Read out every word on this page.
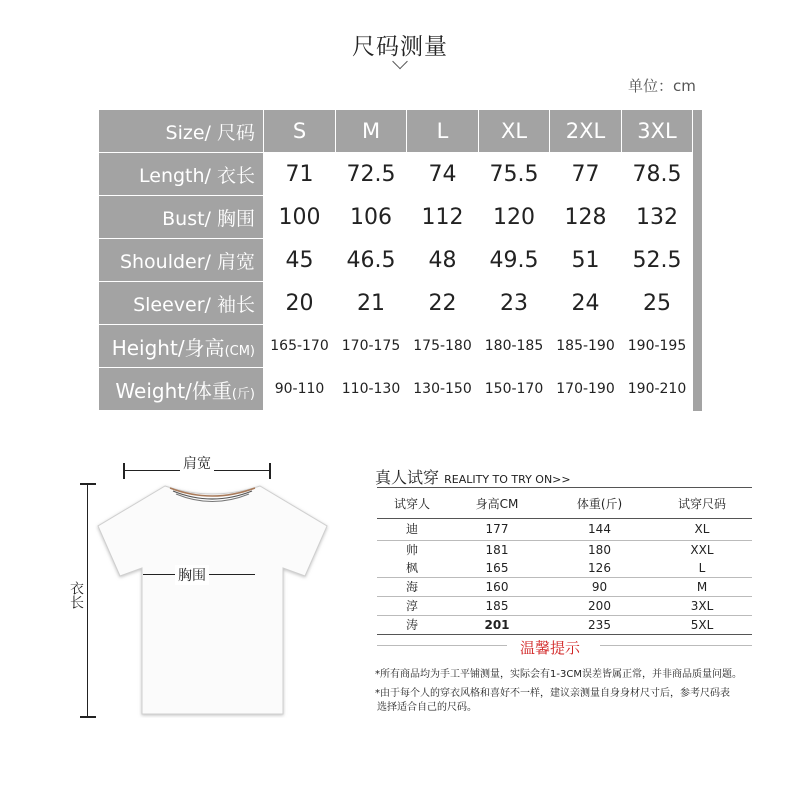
尺码测量
单位：cm
Size/ 尺码	S	M	L	XL	2XL	3XL	
Length/ 衣长	71	72.5	74	75.5	77	78.5	
Bust/ 胸围	100	106	112	120	128	132	
Shoulder/ 肩宽	45	46.5	48	49.5	51	52.5	
Sleever/ 袖长	20	21	22	23	24	25	
Height/身高(CM)	165-170	170-175	175-180	180-185	185-190	190-195	
Weight/体重(斤)	90-110	110-130	130-150	150-170	170-190	190-210	
肩宽
胸围
衣长
真人试穿 REALITY TO TRY ON>>
试穿人	身高CM	体重(斤)	试穿尺码
迪	177	144	XL
帅	181	180	XXL
枫	165	126	L
海	160	90	M
淳	185	200	3XL
涛	201	235	5XL
温馨提示
*所有商品均为手工平铺测量，实际会有1-3CM误差皆属正常，并非商品质量问题。
*由于每个人的穿衣风格和喜好不一样，建议亲测量自身身材尺寸后，参考尺码表
选择适合自己的尺码。
